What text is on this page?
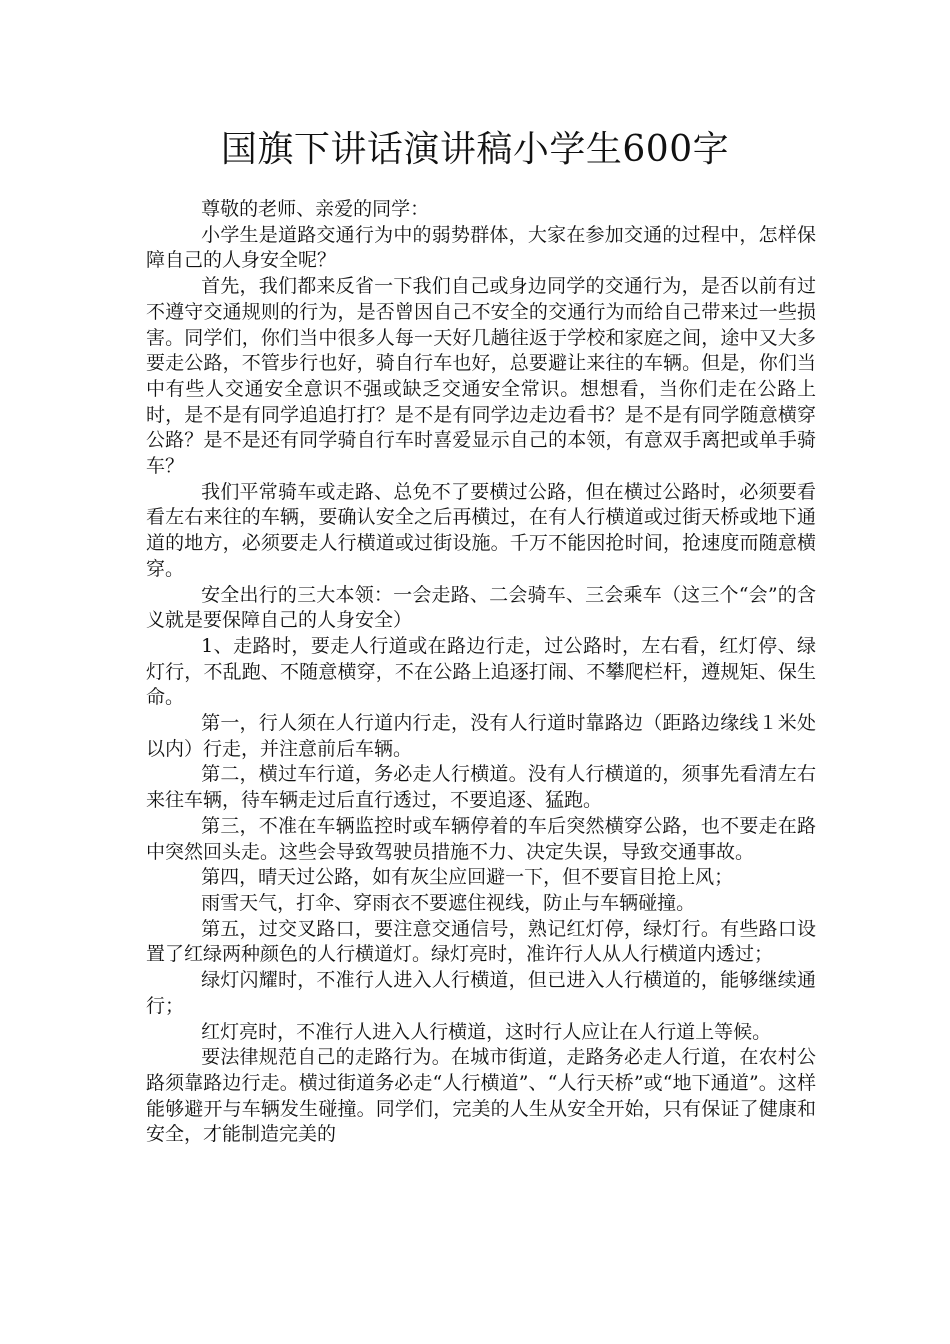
国旗下讲话演讲稿小学生600字

尊敬的老师、亲爱的同学：

小学生是道路交通行为中的弱势群体，大家在参加交通的过程中，怎样保障自己的人身安全呢？

首先，我们都来反省一下我们自己或身边同学的交通行为，是否以前有过不遵守交通规则的行为，是否曾因自己不安全的交通行为而给自己带来过一些损害。同学们，你们当中很多人每一天好几趟往返于学校和家庭之间，途中又大多要走公路，不管步行也好，骑自行车也好，总要避让来往的车辆。但是，你们当中有些人交通安全意识不强或缺乏交通安全常识。想想看，当你们走在公路上时，是不是有同学追追打打？是不是有同学边走边看书？是不是有同学随意横穿公路？是不是还有同学骑自行车时喜爱显示自己的本领，有意双手离把或单手骑车？

我们平常骑车或走路、总免不了要横过公路，但在横过公路时，必须要看看左右来往的车辆，要确认安全之后再横过，在有人行横道或过街天桥或地下通道的地方，必须要走人行横道或过街设施。千万不能因抢时间，抢速度而随意横穿。

安全出行的三大本领：一会走路、二会骑车、三会乘车（这三个“会”的含义就是要保障自己的人身安全）

1、走路时，要走人行道或在路边行走，过公路时，左右看，红灯停、绿灯行，不乱跑、不随意横穿，不在公路上追逐打闹、不攀爬栏杆，遵规矩、保生命。

第一，行人须在人行道内行走，没有人行道时靠路边（距路边缘线１米处以内）行走，并注意前后车辆。

第二，横过车行道，务必走人行横道。没有人行横道的，须事先看清左右来往车辆，待车辆走过后直行透过，不要追逐、猛跑。

第三，不准在车辆监控时或车辆停着的车后突然横穿公路，也不要走在路中突然回头走。这些会导致驾驶员措施不力、决定失误，导致交通事故。

第四，晴天过公路，如有灰尘应回避一下，但不要盲目抢上风；

雨雪天气，打伞、穿雨衣不要遮住视线，防止与车辆碰撞。

第五，过交叉路口，要注意交通信号，熟记红灯停，绿灯行。有些路口设置了红绿两种颜色的人行横道灯。绿灯亮时，准许行人从人行横道内透过；

绿灯闪耀时，不准行人进入人行横道，但已进入人行横道的，能够继续通行；

红灯亮时，不准行人进入人行横道，这时行人应让在人行道上等候。

要法律规范自己的走路行为。在城市街道，走路务必走人行道，在农村公路须靠路边行走。横过街道务必走“人行横道”、“人行天桥”或“地下通道”。这样能够避开与车辆发生碰撞。同学们，完美的人生从安全开始，只有保证了健康和安全，才能制造完美的
